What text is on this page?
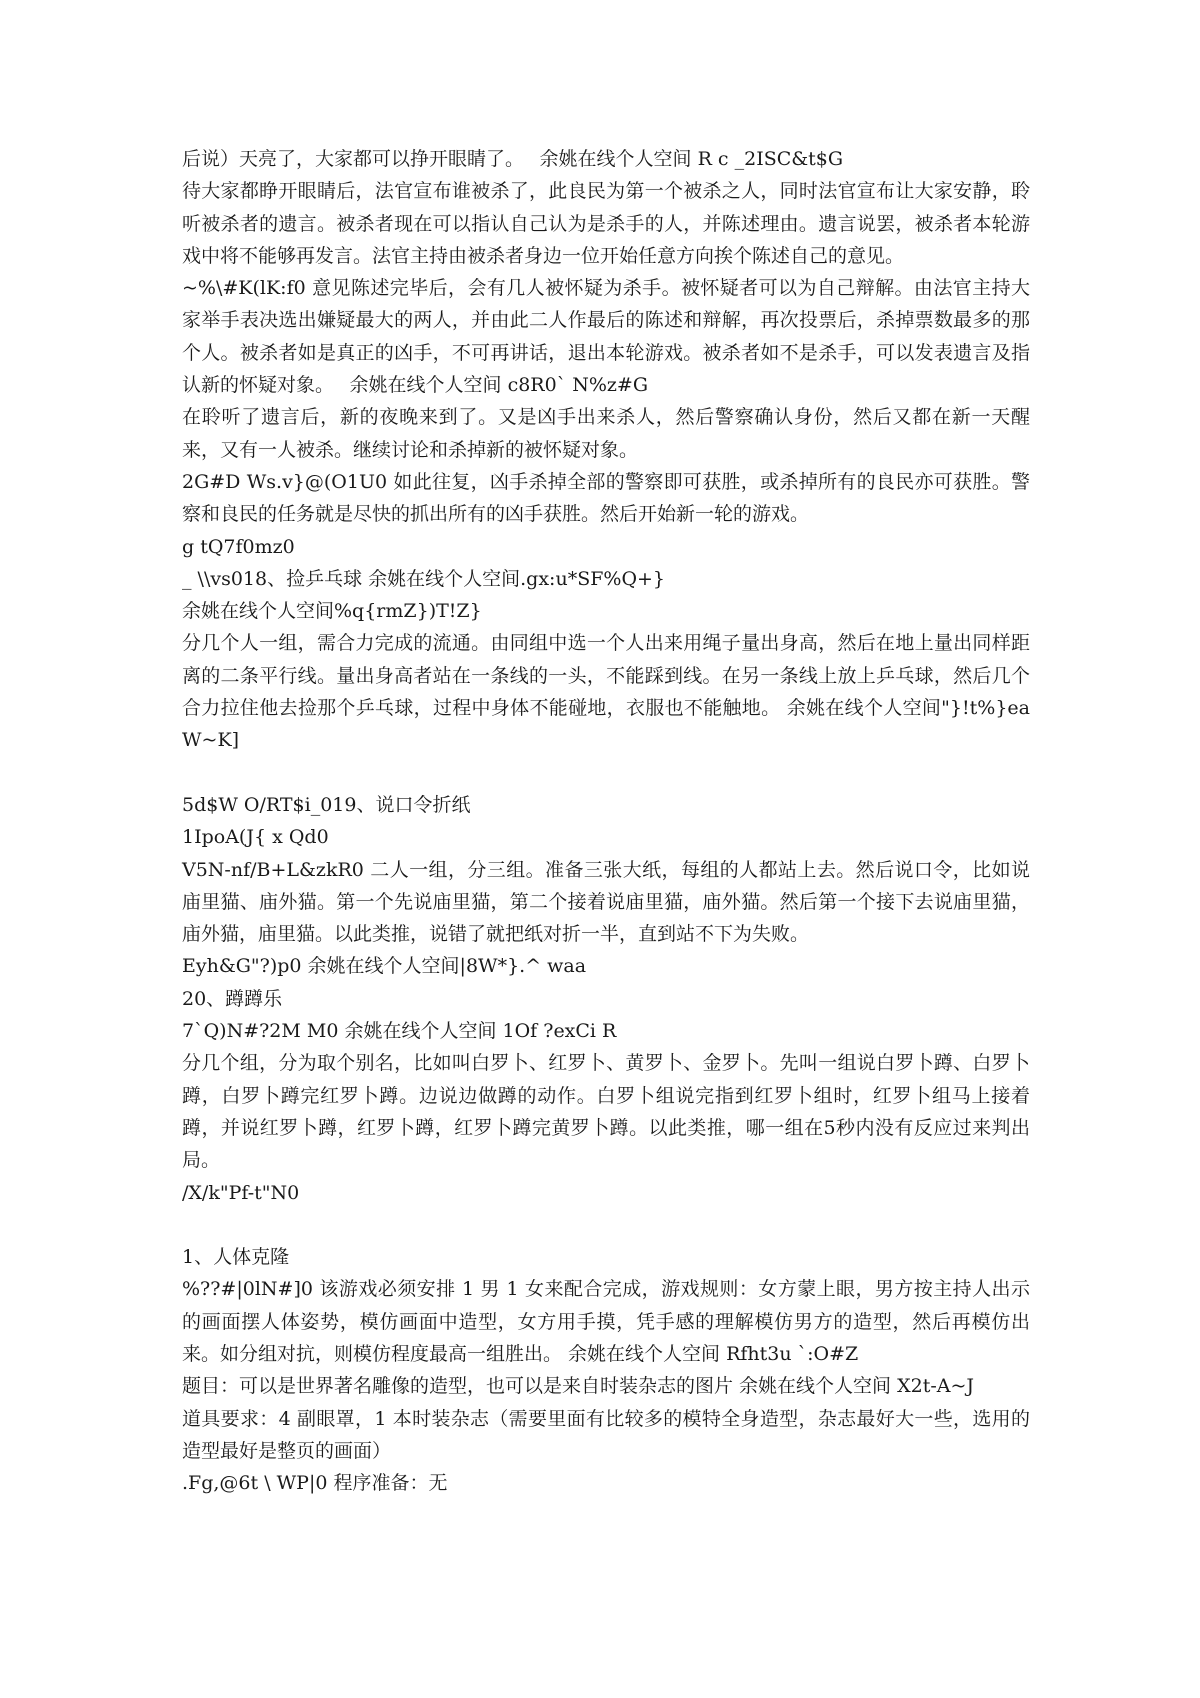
后说）天亮了，大家都可以挣开眼睛了。　 余姚在线个人空间 R c _2ISC&t$G

待大家都睁开眼睛后，法官宣布谁被杀了，此良民为第一个被杀之人，同时法官宣布让大家安静，聆听被杀者的遗言。被杀者现在可以指认自己认为是杀手的人，并陈述理由。遗言说罢，被杀者本轮游戏中将不能够再发言。法官主持由被杀者身边一位开始任意方向挨个陈述自己的意见。

~%\#K(lK:f0 意见陈述完毕后，会有几人被怀疑为杀手。被怀疑者可以为自己辩解。由法官主持大家举手表决选出嫌疑最大的两人，并由此二人作最后的陈述和辩解，再次投票后，杀掉票数最多的那个人。被杀者如是真正的凶手，不可再讲话，退出本轮游戏。被杀者如不是杀手，可以发表遗言及指认新的怀疑对象。　 余姚在线个人空间 c8R0` N%z#G

在聆听了遗言后，新的夜晚来到了。又是凶手出来杀人，然后警察确认身份，然后又都在新一天醒来，又有一人被杀。继续讨论和杀掉新的被怀疑对象。

2G#D Ws.v}@(O1U0 如此往复，凶手杀掉全部的警察即可获胜，或杀掉所有的良民亦可获胜。警察和良民的任务就是尽快的抓出所有的凶手获胜。然后开始新一轮的游戏。

g tQ7f0mz0

_ \\vs018、捡乒乓球 余姚在线个人空间.gx:u*SF%Q+}

余姚在线个人空间%q{rmZ})T!Z}

分几个人一组，需合力完成的流通。由同组中选一个人出来用绳子量出身高，然后在地上量出同样距离的二条平行线。量出身高者站在一条线的一头，不能踩到线。在另一条线上放上乒乓球，然后几个合力拉住他去捡那个乒乓球，过程中身体不能碰地，衣服也不能触地。 余姚在线个人空间"}!t%}ea W~K]

5d$W O/RT$i_019、说口令折纸

1IpoA(J{ x Qd0

V5N-nf/B+L&zkR0 二人一组，分三组。准备三张大纸，每组的人都站上去。然后说口令，比如说庙里猫、庙外猫。第一个先说庙里猫，第二个接着说庙里猫，庙外猫。然后第一个接下去说庙里猫，庙外猫，庙里猫。以此类推，说错了就把纸对折一半，直到站不下为失败。

Eyh&G"?)p0 余姚在线个人空间|8W*}.^ waa

20、蹲蹲乐

7`Q)N#?2M M0 余姚在线个人空间 1Of ?exCi R

分几个组，分为取个别名，比如叫白罗卜、红罗卜、黄罗卜、金罗卜。先叫一组说白罗卜蹲、白罗卜蹲，白罗卜蹲完红罗卜蹲。边说边做蹲的动作。白罗卜组说完指到红罗卜组时，红罗卜组马上接着蹲，并说红罗卜蹲，红罗卜蹲，红罗卜蹲完黄罗卜蹲。以此类推，哪一组在5秒内没有反应过来判出局。

/X/k"Pf-t"N0

1、人体克隆

%??#|0lN#]0 该游戏必须安排 1 男 1 女来配合完成，游戏规则：女方蒙上眼，男方按主持人出示的画面摆人体姿势，模仿画面中造型，女方用手摸，凭手感的理解模仿男方的造型，然后再模仿出来。如分组对抗，则模仿程度最高一组胜出。 余姚在线个人空间 Rfht3u `:O#Z

题目：可以是世界著名雕像的造型，也可以是来自时装杂志的图片 余姚在线个人空间 X2t-A~J

道具要求：4 副眼罩，1 本时装杂志（需要里面有比较多的模特全身造型，杂志最好大一些，选用的造型最好是整页的画面）

.Fg,@6t \ WP|0 程序准备：无
